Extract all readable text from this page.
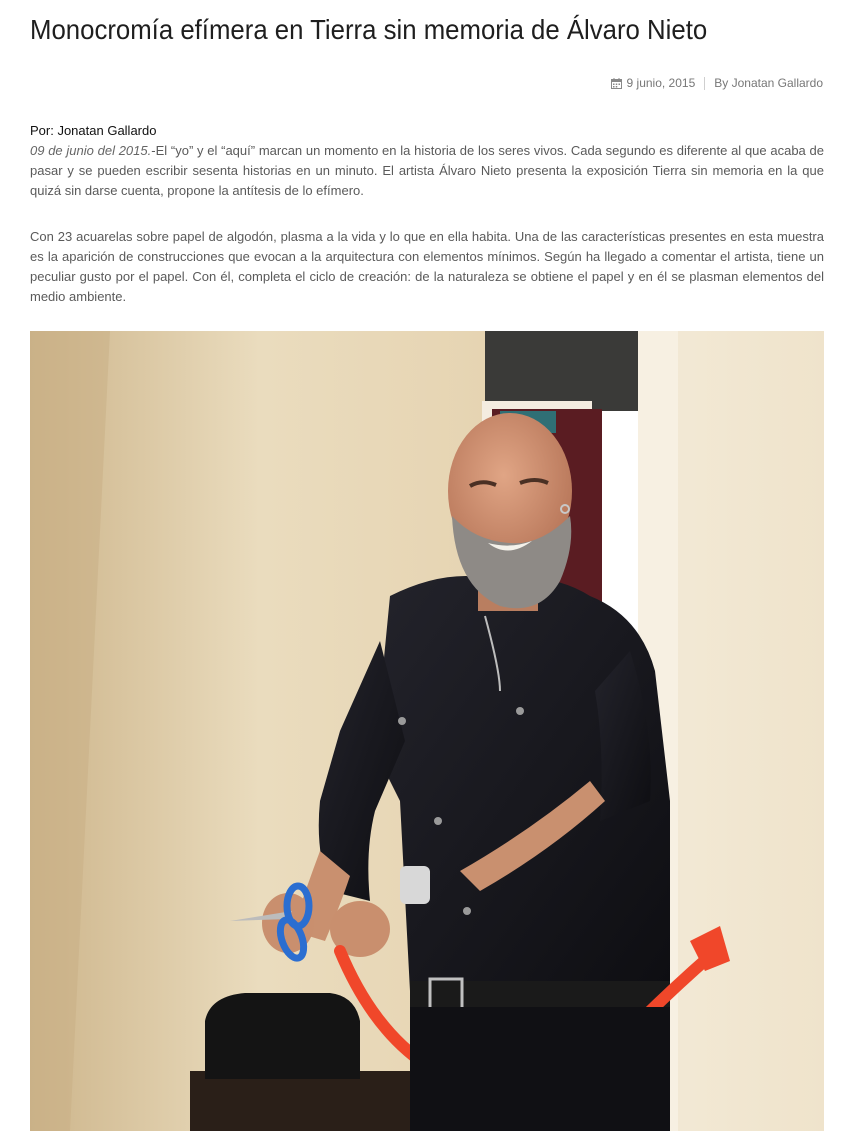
Monocromía efímera en Tierra sin memoria de Álvaro Nieto
9 junio, 2015 By Jonatan Gallardo
Por: Jonatan Gallardo

09 de junio del 2015.-El “yo” y el “aquí” marcan un momento en la historia de los seres vivos. Cada segundo es diferente al que acaba de pasar y se pueden escribir sesenta historias en un minuto. El artista Álvaro Nieto presenta la exposición Tierra sin memoria en la que quizá sin darse cuenta, propone la antítesis de lo efímero.

Con 23 acuarelas sobre papel de algodón, plasma a la vida y lo que en ella habita. Una de las características presentes en esta muestra es la aparición de construcciones que evocan a la arquitectura con elementos mínimos. Según ha llegado a comentar el artista, tiene un peculiar gusto por el papel. Con él, completa el ciclo de creación: de la naturaleza se obtiene el papel y en él se plasman elementos del medio ambiente.
